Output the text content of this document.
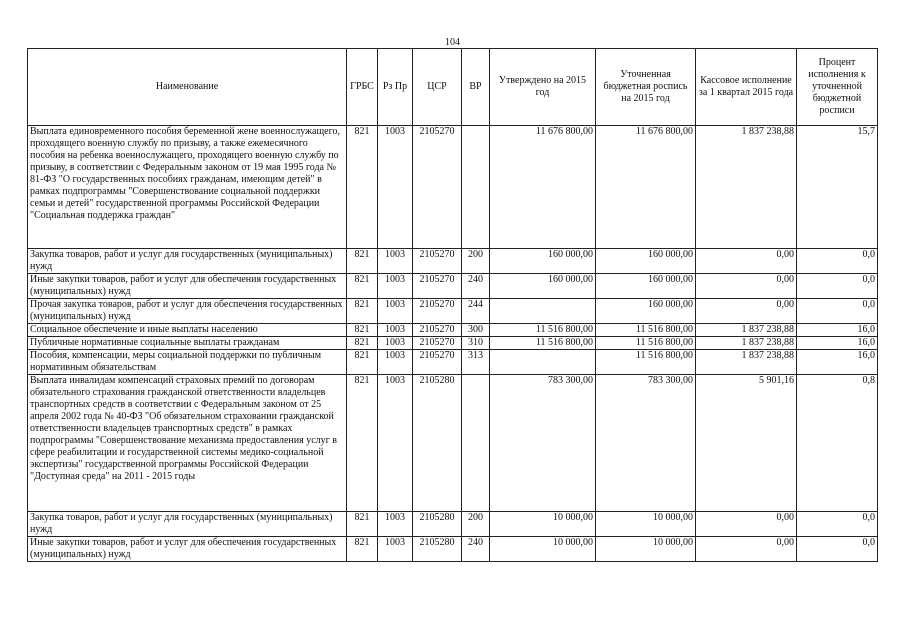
104
Наименование	ГРБС	Рз Пр	ЦСР	ВР	Утверждено на 2015 год	Уточненная бюджетная роспись на 2015 год	Кассовое исполнение за 1 квартал 2015 года	Процент исполнения к уточненной бюджетной росписи
Выплата единовременного пособия беременной жене военнослужащего, проходящего военную службу по призыву, а также ежемесячного пособия на ребенка военнослужащего, проходящего военную службу по призыву, в соответствии с Федеральным законом от 19 мая 1995 года № 81-ФЗ "О государственных пособиях гражданам, имеющим детей" в рамках подпрограммы "Совершенствование социальной поддержки семьи и детей" государственной программы Российской Федерации "Социальная поддержка граждан"	821	1003	2105270		11 676 800,00	11 676 800,00	1 837 238,88	15,7
Закупка товаров, работ и услуг для государственных (муниципальных) нужд	821	1003	2105270	200	160 000,00	160 000,00	0,00	0,0
Иные закупки товаров, работ и услуг для обеспечения государственных (муниципальных) нужд	821	1003	2105270	240	160 000,00	160 000,00	0,00	0,0
Прочая закупка товаров, работ и услуг для обеспечения государственных (муниципальных) нужд	821	1003	2105270	244		160 000,00	0,00	0,0
Социальное обеспечение и иные выплаты населению	821	1003	2105270	300	11 516 800,00	11 516 800,00	1 837 238,88	16,0
Публичные нормативные социальные выплаты гражданам	821	1003	2105270	310	11 516 800,00	11 516 800,00	1 837 238,88	16,0
Пособия, компенсации, меры социальной поддержки по публичным нормативным обязательствам	821	1003	2105270	313		11 516 800,00	1 837 238,88	16,0
Выплата инвалидам компенсаций страховых премий по договорам обязательного страхования гражданской ответственности владельцев транспортных средств в соответствии с Федеральным законом от 25 апреля 2002 года № 40-ФЗ "Об обязательном страховании гражданской ответственности владельцев транспортных средств" в рамках подпрограммы "Совершенствование механизма предоставления услуг в сфере реабилитации и государственной системы медико-социальной экспертизы" государственной программы Российской Федерации "Доступная среда" на 2011 - 2015 годы	821	1003	2105280		783 300,00	783 300,00	5 901,16	0,8
Закупка товаров, работ и услуг для государственных (муниципальных) нужд	821	1003	2105280	200	10 000,00	10 000,00	0,00	0,0
Иные закупки товаров, работ и услуг для обеспечения государственных (муниципальных) нужд	821	1003	2105280	240	10 000,00	10 000,00	0,00	0,0
